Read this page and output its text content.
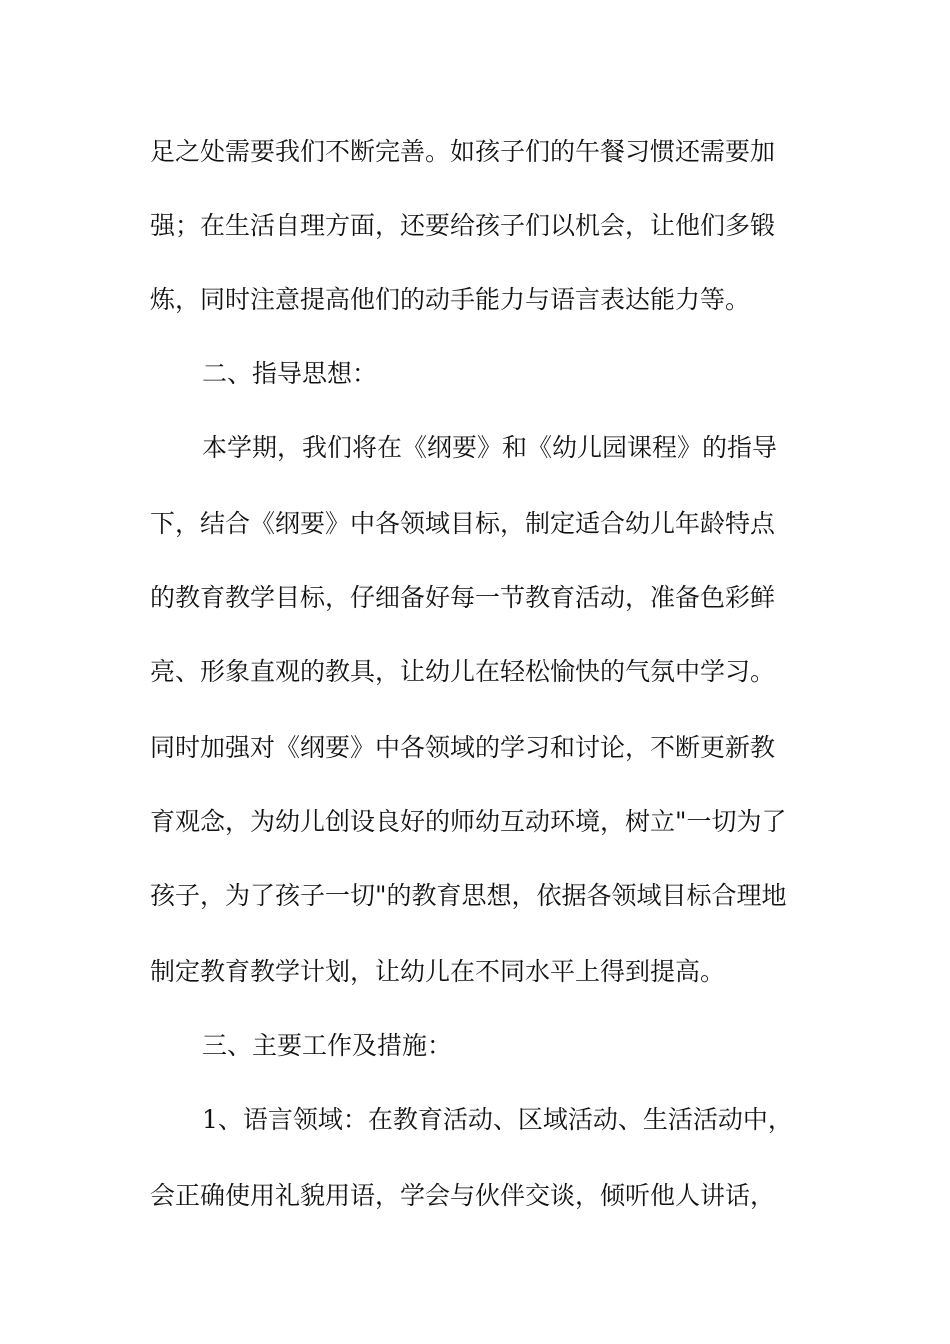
足之处需要我们不断完善。如孩子们的午餐习惯还需要加
强；在生活自理方面，还要给孩子们以机会，让他们多锻
炼，同时注意提高他们的动手能力与语言表达能力等。
二、指导思想：
本学期，我们将在《纲要》和《幼儿园课程》的指导
下，结合《纲要》中各领域目标，制定适合幼儿年龄特点
的教育教学目标，仔细备好每一节教育活动，准备色彩鲜
亮、形象直观的教具，让幼儿在轻松愉快的气氛中学习。
同时加强对《纲要》中各领域的学习和讨论，不断更新教
育观念，为幼儿创设良好的师幼互动环境，树立"一切为了
孩子，为了孩子一切"的教育思想，依据各领域目标合理地
制定教育教学计划，让幼儿在不同水平上得到提高。
三、主要工作及措施：
1、语言领域：在教育活动、区域活动、生活活动中，
会正确使用礼貌用语，学会与伙伴交谈，倾听他人讲话，
